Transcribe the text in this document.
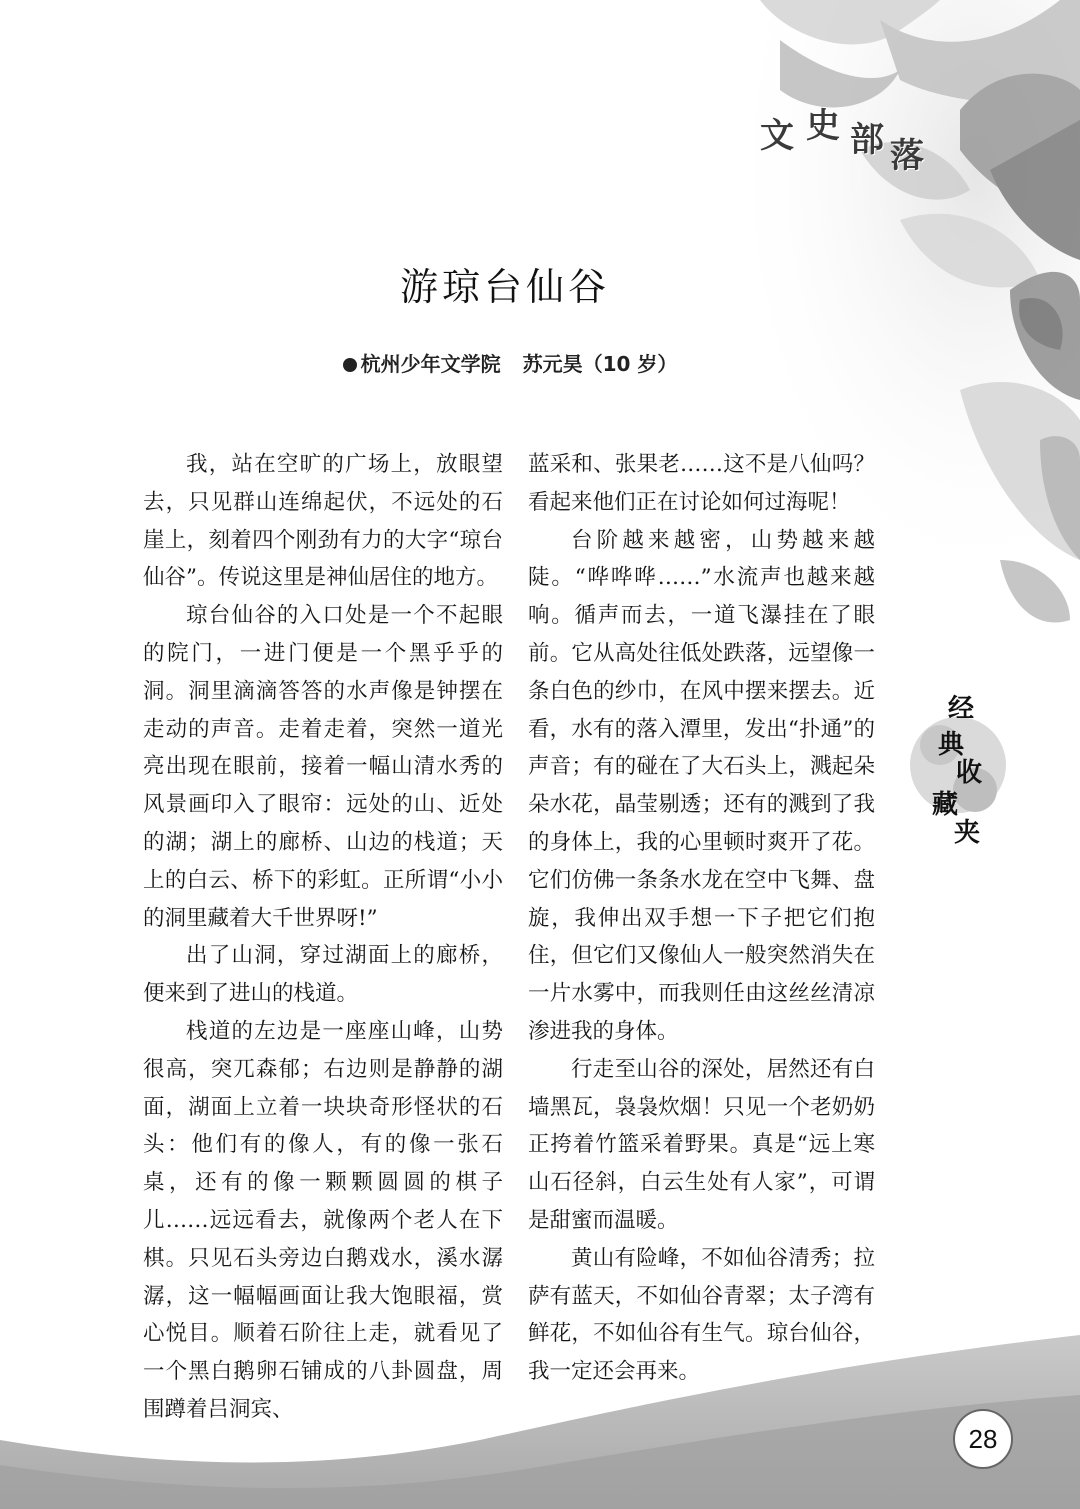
文 史 部 落
游琼台仙谷
杭州少年文学院 苏元昊（10 岁）

我，站在空旷的广场上，放眼望去，只见群山连绵起伏，不远处的石崖上，刻着四个刚劲有力的大字“琼台仙谷”。传说这里是神仙居住的地方。

琼台仙谷的入口处是一个不起眼的院门，一进门便是一个黑乎乎的洞。洞里滴滴答答的水声像是钟摆在走动的声音。走着走着，突然一道光亮出现在眼前，接着一幅山清水秀的风景画印入了眼帘：远处的山、近处的湖；湖上的廊桥、山边的栈道；天上的白云、桥下的彩虹。正所谓“小小的洞里藏着大千世界呀!”

出了山洞，穿过湖面上的廊桥，便来到了进山的栈道。

栈道的左边是一座座山峰，山势很高，突兀森郁；右边则是静静的湖面，湖面上立着一块块奇形怪状的石头：他们有的像人，有的像一张石桌，还有的像一颗颗圆圆的棋子儿……远远看去，就像两个老人在下棋。只见石头旁边白鹅戏水，溪水潺潺，这一幅幅画面让我大饱眼福，赏心悦目。顺着石阶往上走，就看见了一个黑白鹅卵石铺成的八卦圆盘，周围蹲着吕洞宾、

蓝采和、张果老……这不是八仙吗？看起来他们正在讨论如何过海呢！

台阶越来越密，山势越来越陡。“哗哗哗……”水流声也越来越响。循声而去，一道飞瀑挂在了眼前。它从高处往低处跌落，远望像一条白色的纱巾，在风中摆来摆去。近看，水有的落入潭里，发出“扑通”的声音；有的碰在了大石头上，溅起朵朵水花，晶莹剔透；还有的溅到了我的身体上，我的心里顿时爽开了花。它们仿佛一条条水龙在空中飞舞、盘旋，我伸出双手想一下子把它们抱住，但它们又像仙人一般突然消失在一片水雾中，而我则任由这丝丝清凉渗进我的身体。

行走至山谷的深处，居然还有白墙黑瓦，袅袅炊烟！只见一个老奶奶正挎着竹篮采着野果。真是“远上寒山石径斜，白云生处有人家”，可谓是甜蜜而温暖。

黄山有险峰，不如仙谷清秀；拉萨有蓝天，不如仙谷青翠；太子湾有鲜花，不如仙谷有生气。琼台仙谷，我一定还会再来。

经
典
收
藏
夹
28
